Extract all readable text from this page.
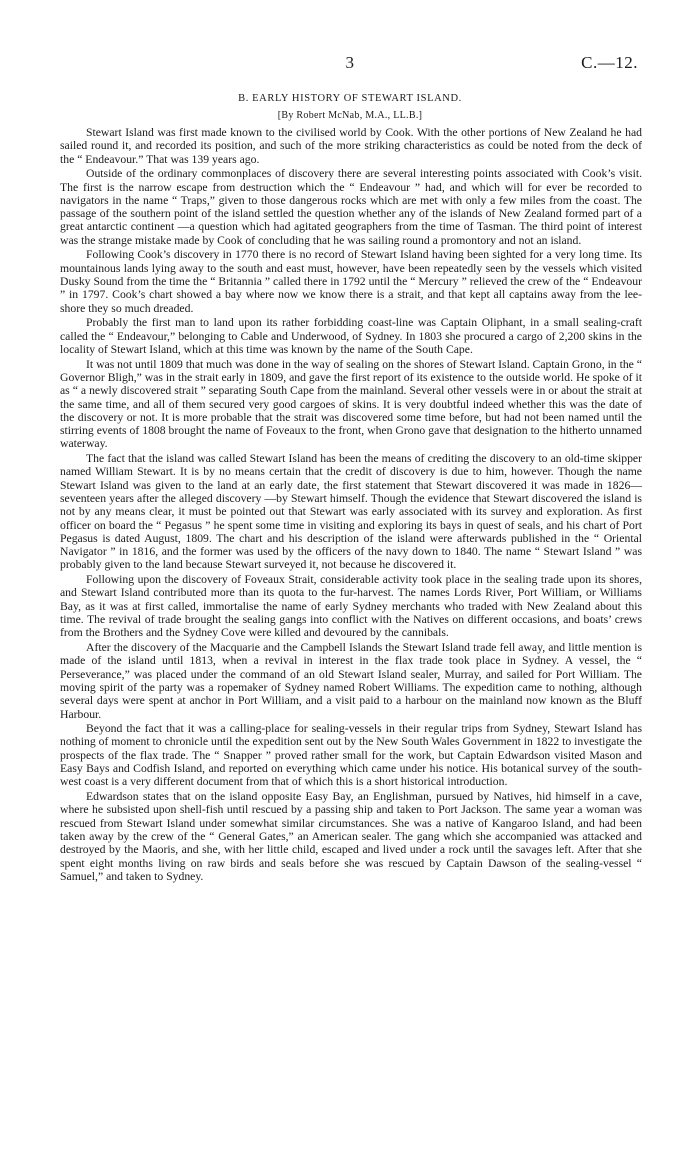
3	C.—12.
B. EARLY HISTORY OF STEWART ISLAND.
[By Robert McNab, M.A., LL.B.]

Stewart Island was first made known to the civilised world by Cook. With the other portions of New Zealand he had sailed round it, and recorded its position, and such of the more striking characteristics as could be noted from the deck of the “ Endeavour.” That was 139 years ago.

Outside of the ordinary commonplaces of discovery there are several interesting points associated with Cook’s visit. The first is the narrow escape from destruction which the “ Endeavour ” had, and which will for ever be recorded to navigators in the name “ Traps,” given to those dangerous rocks which are met with only a few miles from the coast. The passage of the southern point of the island settled the question whether any of the islands of New Zealand formed part of a great antarctic continent —a question which had agitated geographers from the time of Tasman. The third point of interest was the strange mistake made by Cook of concluding that he was sailing round a promontory and not an island.

Following Cook’s discovery in 1770 there is no record of Stewart Island having been sighted for a very long time. Its mountainous lands lying away to the south and east must, however, have been repeatedly seen by the vessels which visited Dusky Sound from the time the “ Britannia ” called there in 1792 until the “ Mercury ” relieved the crew of the “ Endeavour ” in 1797. Cook’s chart showed a bay where now we know there is a strait, and that kept all captains away from the lee-shore they so much dreaded.

Probably the first man to land upon its rather forbidding coast-line was Captain Oliphant, in a small sealing-craft called the “ Endeavour,” belonging to Cable and Underwood, of Sydney. In 1803 she procured a cargo of 2,200 skins in the locality of Stewart Island, which at this time was known by the name of the South Cape.

It was not until 1809 that much was done in the way of sealing on the shores of Stewart Island. Captain Grono, in the “ Governor Bligh,” was in the strait early in 1809, and gave the first report of its existence to the outside world. He spoke of it as “ a newly discovered strait ” separating South Cape from the mainland. Several other vessels were in or about the strait at the same time, and all of them secured very good cargoes of skins. It is very doubtful indeed whether this was the date of the discovery or not. It is more probable that the strait was discovered some time before, but had not been named until the stirring events of 1808 brought the name of Foveaux to the front, when Grono gave that designation to the hitherto unnamed waterway.

The fact that the island was called Stewart Island has been the means of crediting the discovery to an old-time skipper named William Stewart. It is by no means certain that the credit of discovery is due to him, however. Though the name Stewart Island was given to the land at an early date, the first statement that Stewart discovered it was made in 1826—seventeen years after the alleged discovery —by Stewart himself. Though the evidence that Stewart discovered the island is not by any means clear, it must be pointed out that Stewart was early associated with its survey and exploration. As first officer on board the “ Pegasus ” he spent some time in visiting and exploring its bays in quest of seals, and his chart of Port Pegasus is dated August, 1809. The chart and his description of the island were afterwards published in the “ Oriental Navigator ” in 1816, and the former was used by the officers of the navy down to 1840. The name “ Stewart Island ” was probably given to the land because Stewart surveyed it, not because he discovered it.

Following upon the discovery of Foveaux Strait, considerable activity took place in the sealing trade upon its shores, and Stewart Island contributed more than its quota to the fur-harvest. The names Lords River, Port William, or Williams Bay, as it was at first called, immortalise the name of early Sydney merchants who traded with New Zealand about this time. The revival of trade brought the sealing gangs into conflict with the Natives on different occasions, and boats’ crews from the Brothers and the Sydney Cove were killed and devoured by the cannibals.

After the discovery of the Macquarie and the Campbell Islands the Stewart Island trade fell away, and little mention is made of the island until 1813, when a revival in interest in the flax trade took place in Sydney. A vessel, the “ Perseverance,” was placed under the command of an old Stewart Island sealer, Murray, and sailed for Port William. The moving spirit of the party was a ropemaker of Sydney named Robert Williams. The expedition came to nothing, although several days were spent at anchor in Port William, and a visit paid to a harbour on the mainland now known as the Bluff Harbour.

Beyond the fact that it was a calling-place for sealing-vessels in their regular trips from Sydney, Stewart Island has nothing of moment to chronicle until the expedition sent out by the New South Wales Government in 1822 to investigate the prospects of the flax trade. The “ Snapper ” proved rather small for the work, but Captain Edwardson visited Mason and Easy Bays and Codfish Island, and reported on everything which came under his notice. His botanical survey of the south-west coast is a very different document from that of which this is a short historical introduction.

Edwardson states that on the island opposite Easy Bay, an Englishman, pursued by Natives, hid himself in a cave, where he subsisted upon shell-fish until rescued by a passing ship and taken to Port Jackson. The same year a woman was rescued from Stewart Island under somewhat similar circumstances. She was a native of Kangaroo Island, and had been taken away by the crew of the “ General Gates,” an American sealer. The gang which she accompanied was attacked and destroyed by the Maoris, and she, with her little child, escaped and lived under a rock until the savages left. After that she spent eight months living on raw birds and seals before she was rescued by Captain Dawson of the sealing-vessel “ Samuel,” and taken to Sydney.
